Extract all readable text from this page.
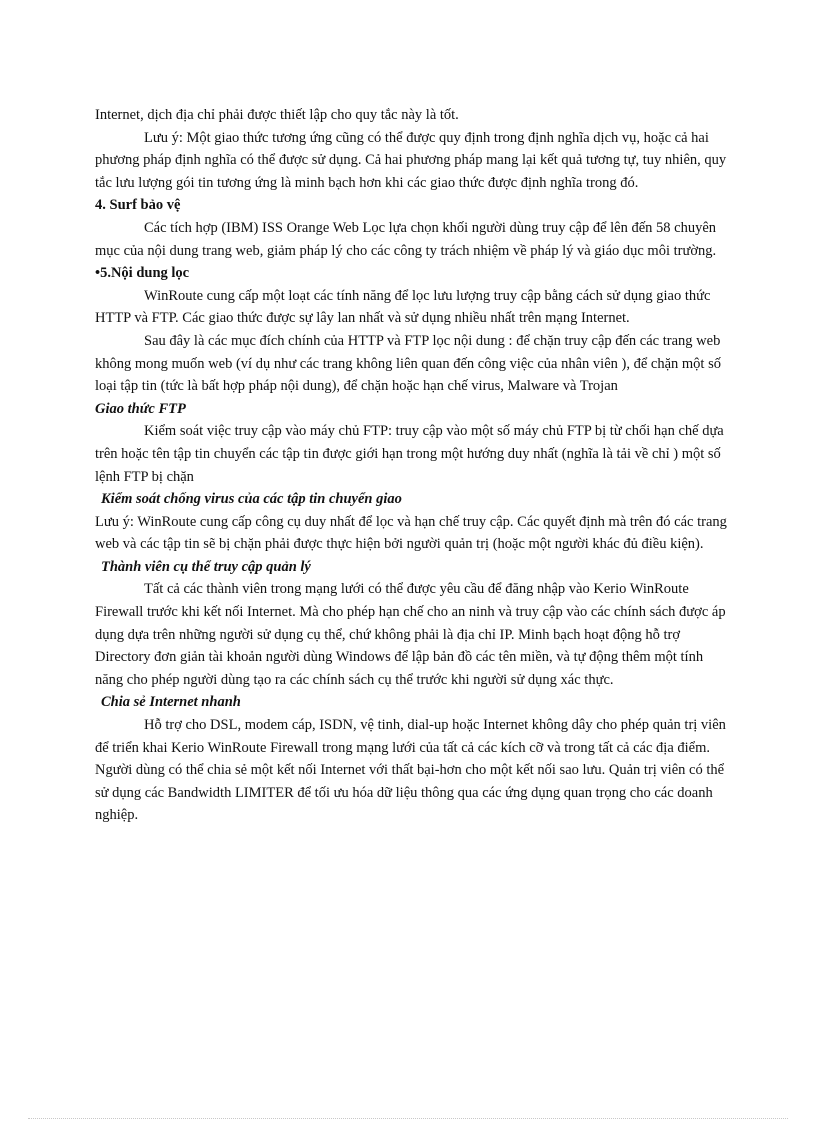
Internet, dịch địa chỉ phải được thiết lập cho quy tắc này là tốt.

Lưu ý: Một giao thức tương ứng cũng có thể được quy định trong định nghĩa dịch vụ, hoặc cả hai phương pháp định nghĩa có thể được sử dụng. Cả hai phương pháp mang lại kết quả tương tự, tuy nhiên, quy tắc lưu lượng gói tin tương ứng là minh bạch hơn khi các giao thức được định nghĩa trong đó.

4. Surf bảo vệ

Các tích hợp (IBM) ISS Orange Web Lọc lựa chọn khối người dùng truy cập để lên đến 58 chuyên mục của nội dung trang web, giảm pháp lý cho các công ty trách nhiệm về pháp lý và giáo dục môi trường.

•5.Nội dung lọc

WinRoute cung cấp một loạt các tính năng để lọc lưu lượng truy cập bằng cách sử dụng giao thức HTTP và FTP. Các giao thức được sự lây lan nhất và sử dụng nhiều nhất trên mạng Internet.

Sau đây là các mục đích chính của HTTP và FTP lọc nội dung : để chặn truy cập đến các trang web không mong muốn web (ví dụ như các trang không liên quan đến công việc của nhân viên ), để chặn một số loại tập tin (tức là bất hợp pháp nội dung), để chặn hoặc hạn chế virus, Malware và Trojan

Giao thức FTP

Kiểm soát việc truy cập vào máy chủ FTP: truy cập vào một số máy chủ FTP bị từ chối hạn chế dựa trên hoặc tên tập tin chuyển các tập tin được giới hạn trong một hướng duy nhất (nghĩa là tải về chỉ ) một số lệnh FTP bị chặn

Kiểm soát chống virus của các tập tin chuyển giao

Lưu ý: WinRoute cung cấp công cụ duy nhất để lọc và hạn chế truy cập. Các quyết định mà trên đó các trang web và các tập tin sẽ bị chặn phải được thực hiện bởi người quản trị (hoặc một người khác đủ điều kiện).

Thành viên cụ thể truy cập quản lý

Tất cả các thành viên trong mạng lưới có thể được yêu cầu để đăng nhập vào Kerio WinRoute Firewall trước khi kết nối Internet. Mà cho phép hạn chế cho an ninh và truy cập vào các chính sách được áp dụng dựa trên những người sử dụng cụ thể, chứ không phải là địa chỉ IP. Minh bạch hoạt động hỗ trợ Directory đơn giản tài khoản người dùng Windows để lập bản đồ các tên miền, và tự động thêm một tính năng cho phép người dùng tạo ra các chính sách cụ thể trước khi người sử dụng xác thực.

Chia sẻ Internet nhanh

Hỗ trợ cho DSL, modem cáp, ISDN, vệ tinh, dial-up hoặc Internet không dây cho phép quản trị viên để triển khai Kerio WinRoute Firewall trong mạng lưới của tất cả các kích cỡ và trong tất cả các địa điểm. Người dùng có thể chia sẻ một kết nối Internet với thất bại-hơn cho một kết nối sao lưu. Quản trị viên có thể sử dụng các Bandwidth LIMITER để tối ưu hóa dữ liệu thông qua các ứng dụng quan trọng cho các doanh nghiệp.
